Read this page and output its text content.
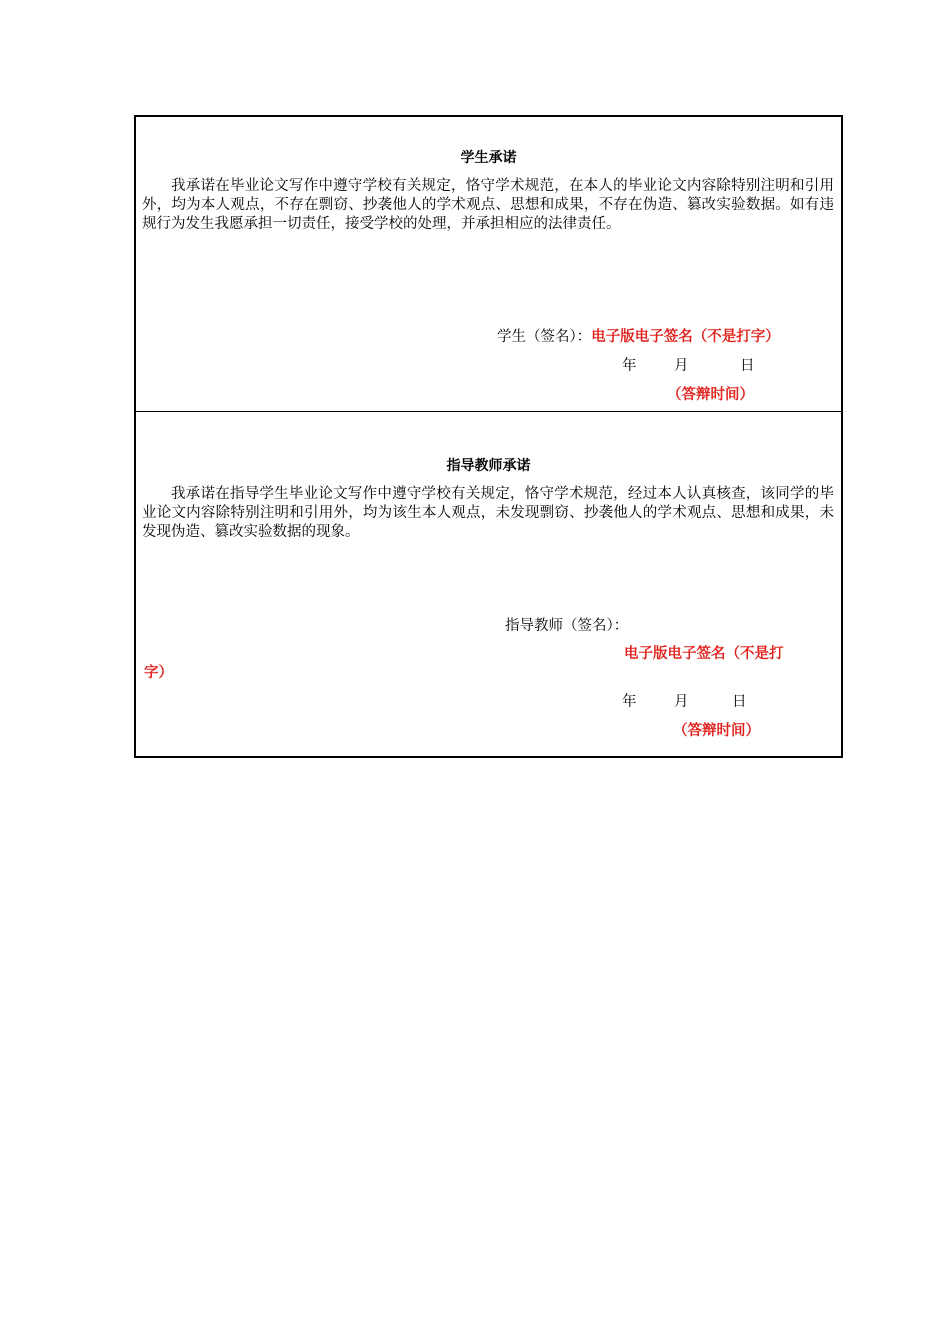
学生承诺

我承诺在毕业论文写作中遵守学校有关规定，恪守学术规范，在本人的毕业论文内容除特别注明和引用外，均为本人观点，不存在剽窃、抄袭他人的学术观点、思想和成果，不存在伪造、篡改实验数据。如有违规行为发生我愿承担一切责任，接受学校的处理，并承担相应的法律责任。

学生（签名）：电子版电子签名（不是打字）
年	月	日
（答辩时间）
指导教师承诺

我承诺在指导学生毕业论文写作中遵守学校有关规定，恪守学术规范，经过本人认真核查，该同学的毕业论文内容除特别注明和引用外，均为该生本人观点，未发现剽窃、抄袭他人的学术观点、思想和成果，未发现伪造、篡改实验数据的现象。

指导教师（签名）：
电子版电子签名（不是打
字）
年	月	日
（答辩时间）
